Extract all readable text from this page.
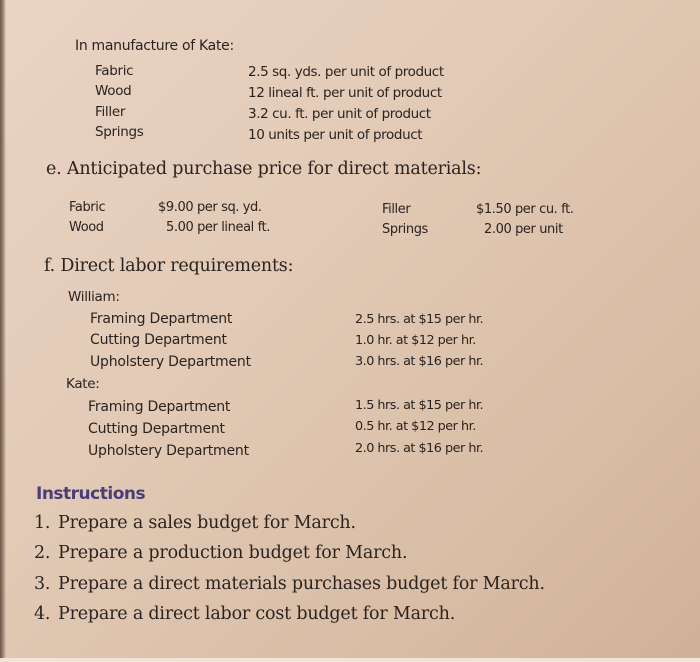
In manufacture of Kate:
Fabric	2.5 sq. yds. per unit of product
Wood	12 lineal ft. per unit of product
Filler	3.2 cu. ft. per unit of product
Springs	10 units per unit of product
e. Anticipated purchase price for direct materials:
Fabric	$9.00 per sq. yd.
Wood	5.00 per lineal ft.
Filler	$1.50 per cu. ft.
Springs	2.00 per unit
f. Direct labor requirements:
William:
Framing Department	2.5 hrs. at $15 per hr.
Cutting Department	1.0 hr. at $12 per hr.
Upholstery Department	3.0 hrs. at $16 per hr.
Kate:
Framing Department	1.5 hrs. at $15 per hr.
Cutting Department	0.5 hr. at $12 per hr.
Upholstery Department	2.0 hrs. at $16 per hr.
Instructions
1. Prepare a sales budget for March.
2. Prepare a production budget for March.
3. Prepare a direct materials purchases budget for March.
4. Prepare a direct labor cost budget for March.
